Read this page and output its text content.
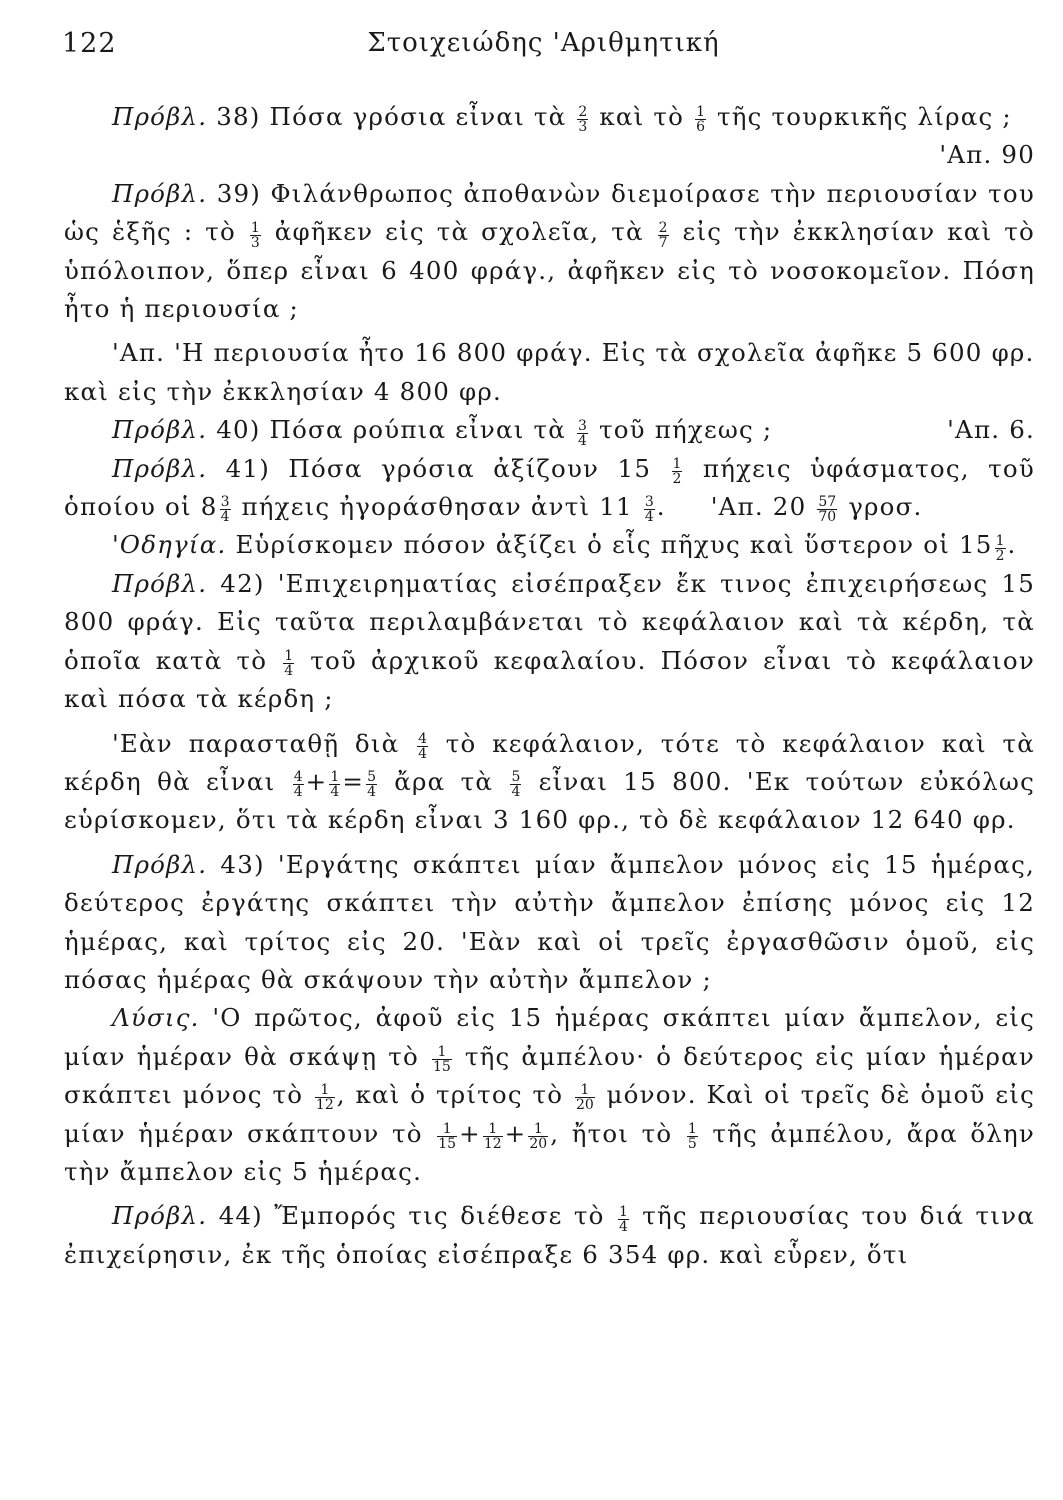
122	Στοιχειώδης 'Αριθμητική

Πρόβλ. 38) Πόσα γρόσια εἶναι τὰ $\frac{2}{3}$ καὶ τὸ $\frac{1}{6}$ τῆς τουρκικῆς λίρας ;
'Απ. 90

Πρόβλ. 39) Φιλάνθρωπος ἀποθανὼν διεμοίρασε τὴν περιουσίαν του ὡς ἑξῆς : τὸ $\frac{1}{3}$ ἀφῆκεν εἰς τὰ σχολεῖα, τὰ $\frac{2}{7}$ εἰς τὴν ἐκκλησίαν καὶ τὸ ὑπόλοιπον, ὅπερ εἶναι 6 400 φράγ., ἀφῆκεν εἰς τὸ νοσοκομεῖον. Πόση ἦτο ἡ περιουσία ;

'Απ. 'Η περιουσία ἦτο 16 800 φράγ. Εἰς τὰ σχολεῖα ἀφῆκε 5 600 φρ. καὶ εἰς τὴν ἐκκλησίαν 4 800 φρ.

Πρόβλ. 40) Πόσα ρούπια εἶναι τὰ $\frac{3}{4}$ τοῦ πήχεως ;	'Απ. 6.

Πρόβλ. 41) Πόσα γρόσια ἀξίζουν $15 \frac{1}{2}$ πήχεις ὑφάσματος, τοῦ ὁποίου οἱ $8 \frac{3}{4}$ πήχεις ἠγοράσθησαν ἀντὶ $11 \frac{3}{4}$ . 'Απ. $20 \frac{57}{70} \gamma\rho o\sigma$.

'Οδηγία. Εὑρίσκομεν πόσον ἀξίζει ὁ εἷς πῆχυς καὶ ὕστερον οἱ $15 \frac{1}{2}$ .

Πρόβλ. 42) 'Επιχειρηματίας εἰσέπραξεν ἔκ τινος ἐπιχειρήσεως 15 800 φράγ. Εἰς ταῦτα περιλαμβάνεται τὸ κεφάλαιον καὶ τὰ κέρδη, τὰ ὁποῖα κατὰ τὸ $\frac{1}{4}$ τοῦ ἀρχικοῦ κεφαλαίου. Πόσον εἶναι τὸ κεφάλαιον καὶ πόσα τὰ κέρδη ;

'Εὰν παρασταθῇ διὰ $\frac{4}{4}$ τὸ κεφάλαιον, τότε τὸ κεφάλαιον καὶ τὰ κέρδη θὰ εἶναι $\frac{4}{4} + \frac{1}{4} = \frac{5}{4}$ ἄρα τὰ $\frac{5}{4}$ εἶναι 15 800. 'Εκ τούτων εὐκόλως εὑρίσκομεν, ὅτι τὰ κέρδη εἶναι 3 160 φρ., τὸ δὲ κεφάλαιον 12 640 φρ.

Πρόβλ. 43) 'Εργάτης σκάπτει μίαν ἄμπελον μόνος εἰς 15 ἡμέρας, δεύτερος ἐργάτης σκάπτει τὴν αὐτὴν ἄμπελον ἐπίσης μόνος εἰς 12 ἡμέρας, καὶ τρίτος εἰς 20. 'Εὰν καὶ οἱ τρεῖς ἐργασθῶσιν ὁμοῦ, εἰς πόσας ἡμέρας θὰ σκάψουν τὴν αὐτὴν ἄμπελον ;

Λύσις. 'Ο πρῶτος, ἀφοῦ εἰς 15 ἡμέρας σκάπτει μίαν ἄμπελον, εἰς μίαν ἡμέραν θὰ σκάψῃ τὸ $\frac{1}{15}$ τῆς ἀμπέλου· ὁ δεύτερος εἰς μίαν ἡμέραν σκάπτει μόνος τὸ $\frac{1}{12}$ , καὶ ὁ τρίτος τὸ $\frac{1}{20} \mu ό\nu o\nu$. Καὶ οἱ τρεῖς δὲ ὁμοῦ εἰς μίαν ἡμέραν σκάπτουν τὸ $\frac{1}{15} + \frac{1}{12} + \frac{1}{20}$ , ἤτοι τὸ $\frac{1}{5}$ τῆς ἀμπέλου, ἄρα ὅλην τὴν ἄμπελον εἰς 5 ἡμέρας.

Πρόβλ. 44) Ἔμπορός τις διέθεσε τὸ $\frac{1}{4}$ τῆς περιουσίας του διά τινα ἐπιχείρησιν, ἐκ τῆς ὁποίας εἰσέπραξε 6 354 φρ. καὶ εὗρεν, ὅτι
